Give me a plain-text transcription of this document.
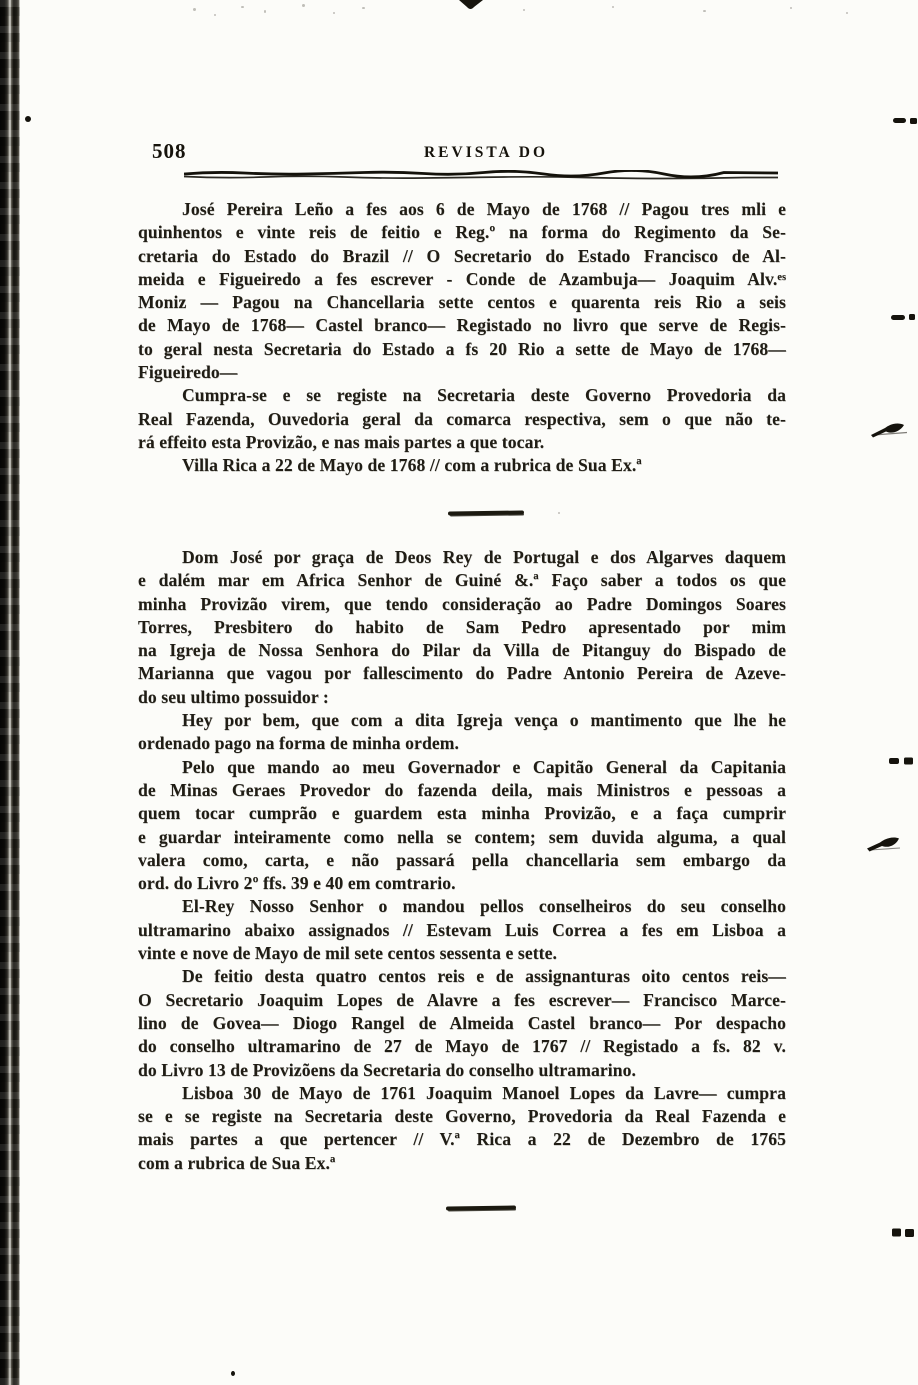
508	REVISTA DO
José Pereira Leño a fes aos 6 de Mayo de 1768 // Pagou tres mli e
quinhentos e vinte reis de feitio e Reg.º na forma do Regimento da Se-
cretaria do Estado do Brazil // O Secretario do Estado Francisco de Al-
meida e Figueiredo a fes escrever - Conde de Azambuja— Joaquim Alv.ᵉˢ
Moniz — Pagou na Chancellaria sette centos e quarenta reis Rio a seis
de Mayo de 1768— Castel branco— Registado no livro que serve de Regis-
to geral nesta Secretaria do Estado a fs 20 Rio a sette de Mayo de 1768—
Figueiredo—
Cumpra-se e se registe na Secretaria deste Governo Provedoria da
Real Fazenda, Ouvedoria geral da comarca respectiva, sem o que não te-
rá effeito esta Provizão, e nas mais partes a que tocar.
Villa Rica a 22 de Mayo de 1768 // com a rubrica de Sua Ex.ª
Dom José por graça de Deos Rey de Portugal e dos Algarves daquem
e dalém mar em Africa Senhor de Guiné &.ª Faço saber a todos os que
minha Provizão virem, que tendo consideração ao Padre Domingos Soares
Torres, Presbitero do habito de Sam Pedro apresentado por mim
na Igreja de Nossa Senhora do Pilar da Villa de Pitanguy do Bispado de
Marianna que vagou por fallescimento do Padre Antonio Pereira de Azeve-
do seu ultimo possuidor :
Hey por bem, que com a dita Igreja vença o mantimento que lhe he
ordenado pago na forma de minha ordem.
Pelo que mando ao meu Governador e Capitão General da Capitania
de Minas Geraes Provedor do fazenda deila, mais Ministros e pessoas a
quem tocar cumprão e guardem esta minha Provizão, e a faça cumprir
e guardar inteiramente como nella se contem; sem duvida alguma, a qual
valera como, carta, e não passará pella chancellaria sem embargo da
ord. do Livro 2º ffs. 39 e 40 em comtrario.
El-Rey Nosso Senhor o mandou pellos conselheiros do seu conselho
ultramarino abaixo assignados // Estevam Luis Correa a fes em Lisboa a
vinte e nove de Mayo de mil sete centos sessenta e sette.
De feitio desta quatro centos reis e de assignanturas oito centos reis—
O Secretario Joaquim Lopes de Alavre a fes escrever— Francisco Marce-
lino de Govea— Diogo Rangel de Almeida Castel branco— Por despacho
do conselho ultramarino de 27 de Mayo de 1767 // Registado a fs. 82 v.
do Livro 13 de Provizõens da Secretaria do conselho ultramarino.
Lisboa 30 de Mayo de 1761 Joaquim Manoel Lopes da Lavre— cumpra
se e se registe na Secretaria deste Governo, Provedoria da Real Fazenda e
mais partes a que pertencer // V.ª Rica a 22 de Dezembro de 1765
com a rubrica de Sua Ex.ª
